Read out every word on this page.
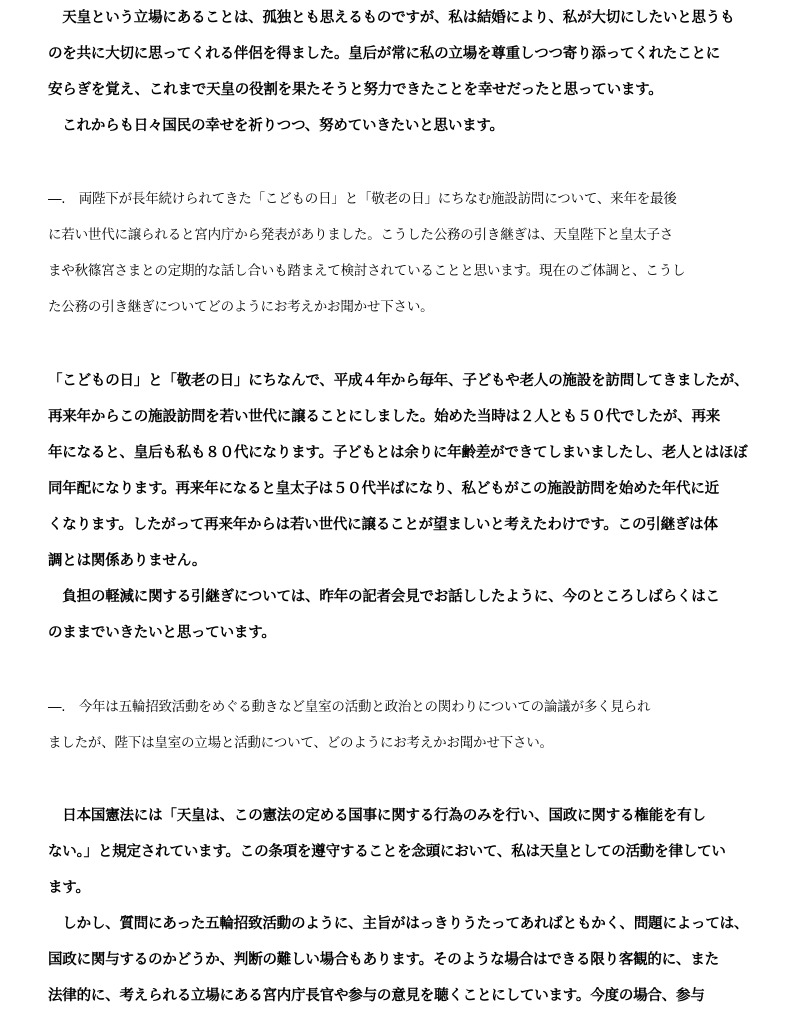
　天皇という立場にあることは、孤独とも思えるものですが、私は結婚により、私が大切にしたいと思うも
のを共に大切に思ってくれる伴侶を得ました。皇后が常に私の立場を尊重しつつ寄り添ってくれたことに
安らぎを覚え、これまで天皇の役割を果たそうと努力できたことを幸せだったと思っています。
　これからも日々国民の幸せを祈りつつ、努めていきたいと思います。
―.　両陛下が長年続けられてきた「こどもの日」と「敬老の日」にちなむ施設訪問について、来年を最後
に若い世代に譲られると宮内庁から発表がありました。こうした公務の引き継ぎは、天皇陛下と皇太子さ
まや秋篠宮さまとの定期的な話し合いも踏まえて検討されていることと思います。現在のご体調と、こうし
た公務の引き継ぎについてどのようにお考えかお聞かせ下さい。
「こどもの日」と「敬老の日」にちなんで、平成４年から毎年、子どもや老人の施設を訪問してきましたが、
再来年からこの施設訪問を若い世代に譲ることにしました。始めた当時は２人とも５０代でしたが、再来
年になると、皇后も私も８０代になります。子どもとは余りに年齢差ができてしまいましたし、老人とはほぼ
同年配になります。再来年になると皇太子は５０代半ばになり、私どもがこの施設訪問を始めた年代に近
くなります。したがって再来年からは若い世代に譲ることが望ましいと考えたわけです。この引継ぎは体
調とは関係ありません。
　負担の軽減に関する引継ぎについては、昨年の記者会見でお話ししたように、今のところしばらくはこ
のままでいきたいと思っています。
―.　今年は五輪招致活動をめぐる動きなど皇室の活動と政治との関わりについての論議が多く見られ
ましたが、陛下は皇室の立場と活動について、どのようにお考えかお聞かせ下さい。
　日本国憲法には「天皇は、この憲法の定める国事に関する行為のみを行い、国政に関する権能を有し
ない。」と規定されています。この条項を遵守することを念頭において、私は天皇としての活動を律してい
ます。
　しかし、質問にあった五輪招致活動のように、主旨がはっきりうたってあればともかく、問題によっては、
国政に関与するのかどうか、判断の難しい場合もあります。そのような場合はできる限り客観的に、また
法律的に、考えられる立場にある宮内庁長官や参与の意見を聴くことにしています。今度の場合、参与
